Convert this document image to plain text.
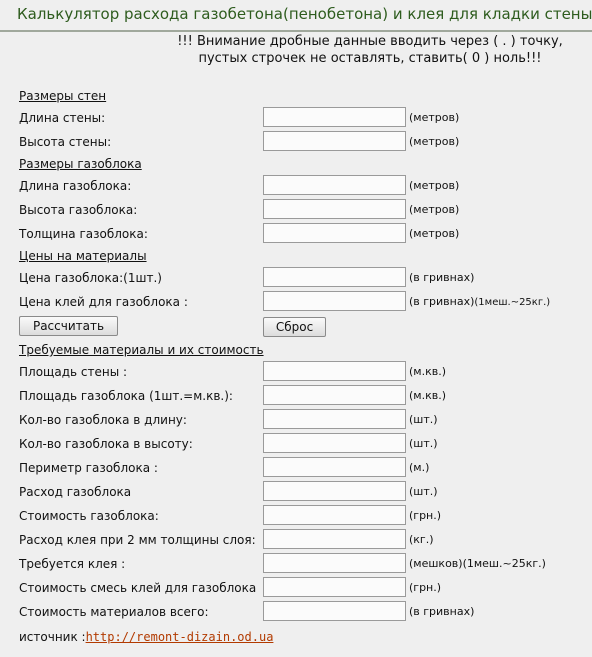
Калькулятор расхода газобетона(пенобетона) и клея для кладки стены
!!! Внимание дробные данные вводить через ( . ) точку,
пустых строчек не оставлять, ставить( 0 ) ноль!!!
Размеры стен
Длина стены:	(метров)
Высота стены:	(метров)
Размеры газоблока
Длина газоблока:	(метров)
Высота газоблока:	(метров)
Толщина газоблока:	(метров)
Цены на материалы
Цена газоблока:(1шт.)	(в гривнах)
Цена клей для газоблока :	(в гривнах)(1меш.~25кг.)
Рассчитать	Сброс
Требуемые материалы и их стоимость
Площадь стены :	(м.кв.)
Площадь газоблока (1шт.=м.кв.):	(м.кв.)
Кол-во газоблока в длину:	(шт.)
Кол-во газоблока в высоту:	(шт.)
Периметр газоблока :	(м.)
Расход газоблока	(шт.)
Стоимость газоблока:	(грн.)
Расход клея при 2 мм толщины слоя:	(кг.)
Требуется клея :	(мешков)(1меш.~25кг.)
Стоимость смесь клей для газоблока	(грн.)
Стоимость материалов всего:	(в гривнах)
источник :http://remont-dizain.od.ua
